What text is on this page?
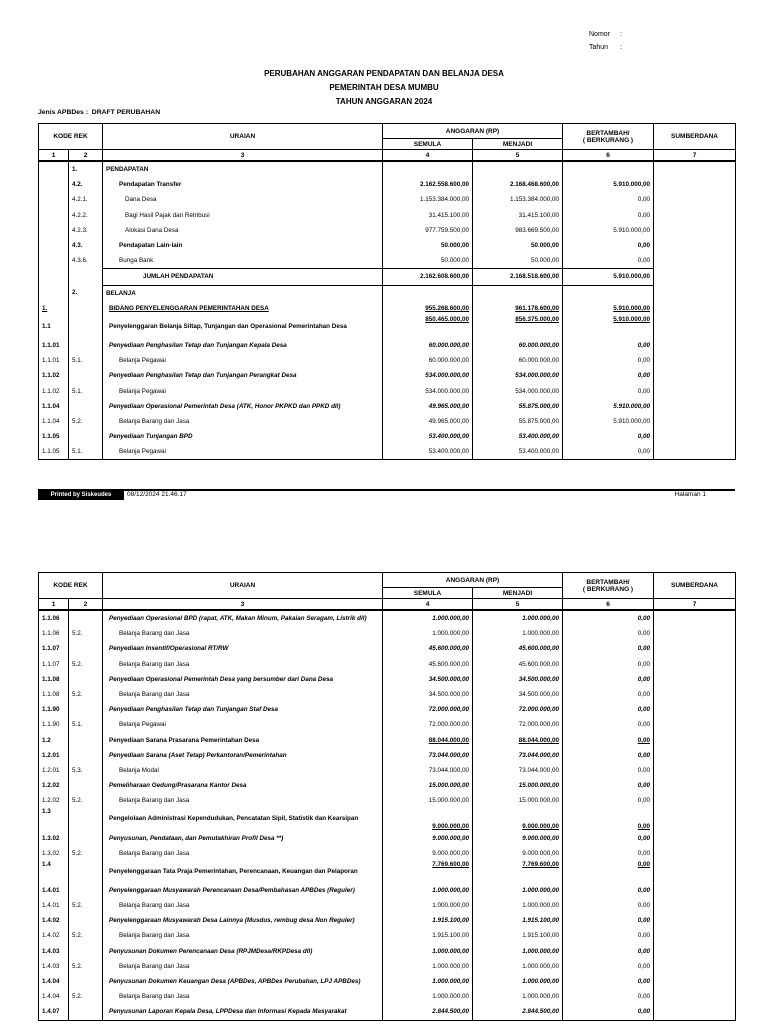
Nomor :
Tahun :
PERUBAHAN ANGGARAN PENDAPATAN DAN BELANJA DESA
PEMERINTAH DESA MUMBU
TAHUN ANGGARAN 2024
Jenis APBDes : DRAFT PERUBAHAN
KODE REK		URAIAN	ANGGARAN (RP)		BERTAMBAH/
( BERKURANG )	SUMBERDANA
			SEMULA	MENJADI		
1	2	3	4	5	6	7
	1.	PENDAPATAN				
	4.2.	Pendapatan Transfer	2.162.558.600,00	2.168.468.600,00	5.910.000,00	
	4.2.1.	Dana Desa	1.153.384.000,00	1.153.384.000,00	0,00	
	4.2.2.	Bagi Hasil Pajak dan Retribusi	31.415.100,00	31.415.100,00	0,00	
	4.2.3.	Alokasi Dana Desa	977.759.500,00	983.669.500,00	5.910.000,00	
	4.3.	Pendapatan Lain-lain	50.000,00	50.000,00	0,00	
	4.3.6.	Bunga Bank	50.000,00	50.000,00	0,00	
		JUMLAH PENDAPATAN	2.162.608.600,00	2.168.518.600,00	5.910.000,00	
	2.	BELANJA				
1.		BIDANG PENYELENGGARAN PEMERINTAHAN DESA	955.268.600,00	961.178.600,00	5.910.000,00	
1.1		Penyelenggaran Belanja Siltap, Tunjangan dan Operasional Pemerintahan Desa	850.465.000,00	856.375.000,00	5.910.000,00	
1.1.01		Penyediaan Penghasilan Tetap dan Tunjangan Kepala Desa	60.000.000,00	60.000.000,00	0,00	
1.1.01	5.1.	Belanja Pegawai	60.000.000,00	60.000.000,00	0,00	
1.1.02		Penyediaan Penghasilan Tetap dan Tunjangan Perangkat Desa	534.000.000,00	534.000.000,00	0,00	
1.1.02	5.1.	Belanja Pegawai	534.000.000,00	534.000.000,00	0,00	
1.1.04		Penyediaan Operasional Pemerintah Desa (ATK, Honor PKPKD dan PPKD dll)	49.965.000,00	55.875.000,00	5.910.000,00	
1.1.04	5.2.	Belanja Barang dan Jasa	49.965.000,00	55.875.000,00	5.910.000,00	
1.1.05		Penyediaan Tunjangan BPD	53.400.000,00	53.400.000,00	0,00	
1.1.05	5.1.	Belanja Pegawai	53.400.000,00	53.400.000,00	0,00	
Printed by Siskeudes	08/12/2024 21.46.17	Halaman 1
KODE REK		URAIAN	ANGGARAN (RP)		BERTAMBAH/
( BERKURANG )	SUMBERDANA
			SEMULA	MENJADI		
1	2	3	4	5	6	7
1.1.06		Penyediaan Operasional BPD (rapat, ATK, Makan Minum, Pakaian Seragam, Listrik dll)	1.000.000,00	1.000.000,00	0,00	
1.1.06	5.2.	Belanja Barang dan Jasa	1.000.000,00	1.000.000,00	0,00	
1.1.07		Penyediaan Insentif/Operasional RT/RW	45.600.000,00	45.600.000,00	0,00	
1.1.07	5.2.	Belanja Barang dan Jasa	45.600.000,00	45.600.000,00	0,00	
1.1.08		Penyediaan Operasional Pemerintah Desa yang bersumber dari Dana Desa	34.500.000,00	34.500.000,00	0,00	
1.1.08	5.2.	Belanja Barang dan Jasa	34.500.000,00	34.500.000,00	0,00	
1.1.90		Penyediaan Penghasilan Tetap dan Tunjangan Staf Desa	72.000.000,00	72.000.000,00	0,00	
1.1.90	5.1.	Belanja Pegawai	72.000.000,00	72.000.000,00	0,00	
1.2		Penyediaan Sarana Prasarana Pemerintahan Desa	88.044.000,00	88.044.000,00	0,00	
1.2.01		Penyediaan Sarana (Aset Tetap) Perkantoran/Pemerintahan	73.044.000,00	73.044.000,00	0,00	
1.2.01	5.3.	Belanja Modal	73.044.000,00	73.044.000,00	0,00	
1.2.02		Pemeliharaan Gedung/Prasarana Kantor Desa	15.000.000,00	15.000.000,00	0,00	
1.2.02	5.2.	Belanja Barang dan Jasa	15.000.000,00	15.000.000,00	0,00	
1.3		Pengelolaan Administrasi Kependudukan, Pencatatan Sipil, Statistik dan Kearsipan	9.000.000,00	9.000.000,00	0,00	
1.3.02		Penyusunan, Pendataan, dan Pemutakhiran Profil Desa **)	9.000.000,00	9.000.000,00	0,00	
1.3.02	5.2.	Belanja Barang dan Jasa	9.000.000,00	9.000.000,00	0,00	
1.4		Penyelenggaraan Tata Praja Pemerintahan, Perencanaan, Keuangan dan Pelaporan	7.769.600,00	7.769.600,00	0,00	
1.4.01		Penyelenggaraan Musyawarah Perencanaan Desa/Pembahasan APBDes (Reguler)	1.000.000,00	1.000.000,00	0,00	
1.4.01	5.2.	Belanja Barang dan Jasa	1.000.000,00	1.000.000,00	0,00	
1.4.02		Penyelenggaraan Musyawarah Desa Lainnya (Musdus, rembug desa Non Reguler)	1.915.100,00	1.915.100,00	0,00	
1.4.02	5.2.	Belanja Barang dan Jasa	1.915.100,00	1.915.100,00	0,00	
1.4.03		Penyusunan Dokumen Perencanaan Desa (RPJMDesa/RKPDesa dll)	1.000.000,00	1.000.000,00	0,00	
1.4.03	5.2.	Belanja Barang dan Jasa	1.000.000,00	1.000.000,00	0,00	
1.4.04		Penyusunan Dokumen Keuangan Desa (APBDes, APBDes Perubahan, LPJ APBDes)	1.000.000,00	1.000.000,00	0,00	
1.4.04	5.2.	Belanja Barang dan Jasa	1.000.000,00	1.000.000,00	0,00	
1.4.07		Penyusunan Laporan Kepala Desa, LPPDesa dan Informasi Kepada Masyarakat	2.844.500,00	2.844.500,00	0,00	
